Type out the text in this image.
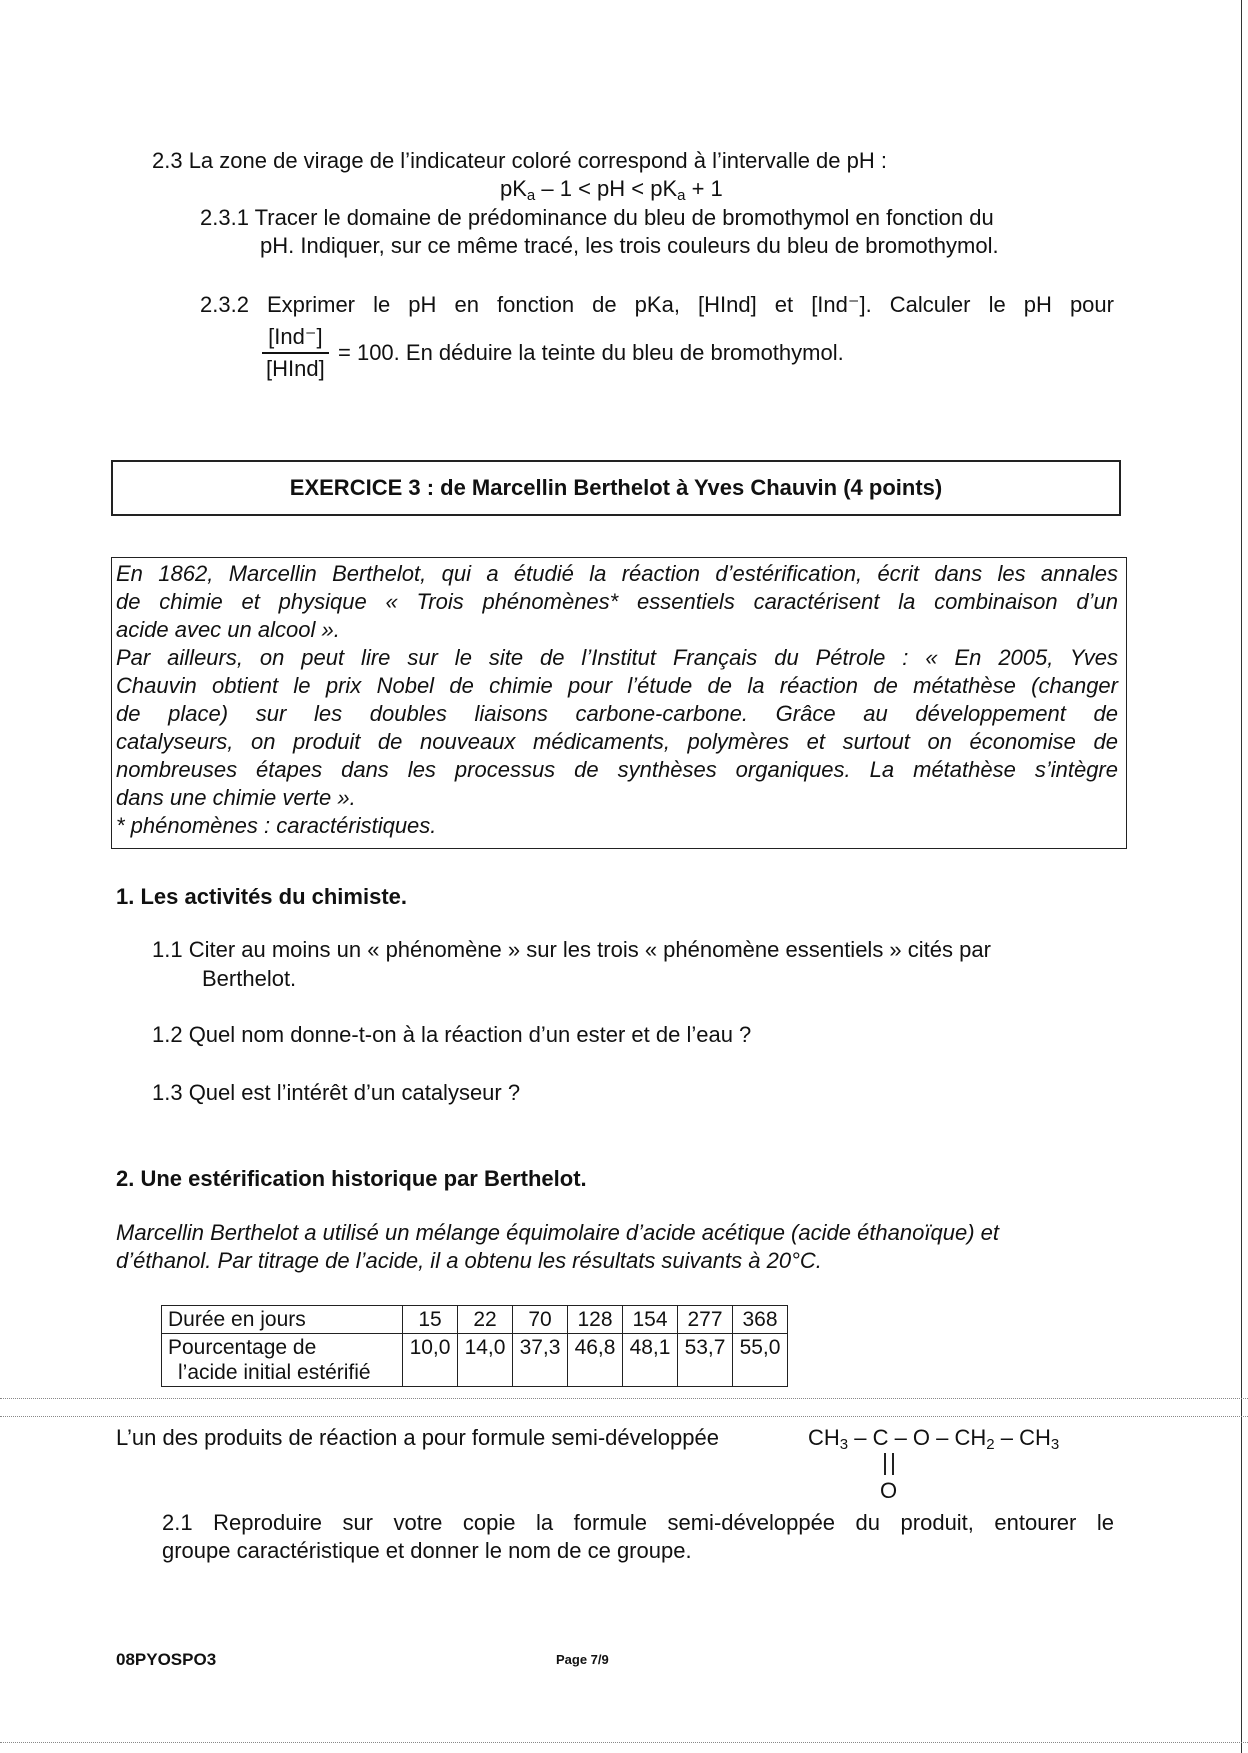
2.3 La zone de virage de l’indicateur coloré correspond à l’intervalle de pH :
$pK_a - 1$ < pH < $pK_a + 1$
2.3.1 Tracer le domaine de prédominance du bleu de bromothymol en fonction du
pH. Indiquer, sur ce même tracé, les trois couleurs du bleu de bromothymol.
2.3.2 Exprimer le pH en fonction de pKa, [HInd] et [Ind⁻]. Calculer le pH pour
[Ind⁻]
[HInd]
= 100. En déduire la teinte du bleu de bromothymol.
EXERCICE 3 : de Marcellin Berthelot à Yves Chauvin (4 points)
En 1862, Marcellin Berthelot, qui a étudié la réaction d’estérification, écrit dans les annales
de chimie et physique « Trois phénomènes* essentiels caractérisent la combinaison d’un
acide avec un alcool ».
Par ailleurs, on peut lire sur le site de l’Institut Français du Pétrole : « En 2005, Yves
Chauvin obtient le prix Nobel de chimie pour l’étude de la réaction de métathèse (changer
de place) sur les doubles liaisons carbone-carbone. Grâce au développement de
catalyseurs, on produit de nouveaux médicaments, polymères et surtout on économise de
nombreuses étapes dans les processus de synthèses organiques. La métathèse s’intègre
dans une chimie verte ».
* phénomènes : caractéristiques.
1. Les activités du chimiste.
1.1 Citer au moins un « phénomène » sur les trois « phénomène essentiels » cités par
Berthelot.
1.2 Quel nom donne-t-on à la réaction d’un ester et de l’eau ?
1.3 Quel est l’intérêt d’un catalyseur ?
2. Une estérification historique par Berthelot.
Marcellin Berthelot a utilisé un mélange équimolaire d’acide acétique (acide éthanoïque) et
d’éthanol. Par titrage de l’acide, il a obtenu les résultats suivants à 20°C.
Durée en jours	15	22	70	128	154	277	368
Pourcentage de
l’acide initial estérifié	10,0	14,0	37,3	46,8	48,1	53,7	55,0
L’un des produits de réaction a pour formule semi-développée	$CH_3$ – C – O – $CH_2 - CH_3$
O
2.1 Reproduire sur votre copie la formule semi-développée du produit, entourer le
groupe caractéristique et donner le nom de ce groupe.
08PYOSPO3	Page 7/9
